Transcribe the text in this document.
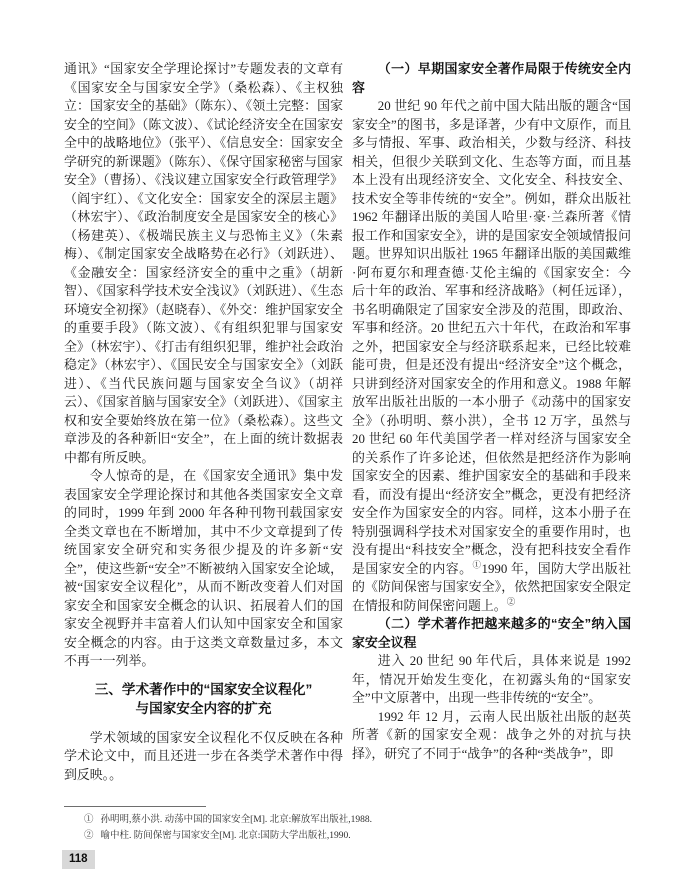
通讯》“国家安全学理论探讨”专题发表的文章有《国家安全与国家安全学》（桑松森）、《主权独立：国家安全的基础》（陈东）、《领土完整：国家安全的空间》（陈文波）、《试论经济安全在国家安全中的战略地位》（张平）、《信息安全：国家安全学研究的新课题》（陈东）、《保守国家秘密与国家安全》（曹扬）、《浅议建立国家安全行政管理学》（阎宇红）、《文化安全：国家安全的深层主题》（林宏宇）、《政治制度安全是国家安全的核心》（杨建英）、《极端民族主义与恐怖主义》（朱素梅）、《制定国家安全战略势在必行》（刘跃进）、《金融安全：国家经济安全的重中之重》（胡新智）、《国家科学技术安全浅议》（刘跃进）、《生态环境安全初探》（赵晓春）、《外交：维护国家安全的重要手段》（陈文波）、《有组织犯罪与国家安全》（林宏宇）、《打击有组织犯罪，维护社会政治稳定》（林宏宇）、《国民安全与国家安全》（刘跃进）、《当代民族问题与国家安全刍议》（胡祥云）、《国家首脑与国家安全》（刘跃进）、《国家主权和安全要始终放在第一位》（桑松森）。这些文章涉及的各种新旧“安全”，在上面的统计数据表中都有所反映。

令人惊奇的是，在《国家安全通讯》集中发表国家安全学理论探讨和其他各类国家安全文章的同时，1999 年到 2000 年各种刊物刊载国家安全类文章也在不断增加，其中不少文章提到了传统国家安全研究和实务很少提及的许多新“安全”，使这些新“安全”不断被纳入国家安全论域，被“国家安全议程化”，从而不断改变着人们对国家安全和国家安全概念的认识、拓展着人们的国家安全视野并丰富着人们认知中国家安全和国家安全概念的内容。由于这类文章数量过多，本文不再一一列举。

三、学术著作中的“国家安全议程化”
与国家安全内容的扩充

学术领域的国家安全议程化不仅反映在各种学术论文中，而且还进一步在各类学术著作中得到反映。。

（一）早期国家安全著作局限于传统安全内容

20 世纪 90 年代之前中国大陆出版的题含“国家安全”的图书，多是译著，少有中文原作，而且多与情报、军事、政治相关，少数与经济、科技相关，但很少关联到文化、生态等方面，而且基本上没有出现经济安全、文化安全、科技安全、技术安全等非传统的“安全”。例如，群众出版社 1962 年翻译出版的美国人哈里·豪·兰森所著《情报工作和国家安全》，讲的是国家安全领域情报问题。世界知识出版社 1965 年翻译出版的美国戴维·阿布夏尔和理查德·艾伦主编的《国家安全：今后十年的政治、军事和经济战略》（柯任远译），书名明确限定了国家安全涉及的范围，即政治、军事和经济。20 世纪五六十年代，在政治和军事之外，把国家安全与经济联系起来，已经比较难能可贵，但是还没有提出“经济安全”这个概念，只讲到经济对国家安全的作用和意义。1988 年解放军出版社出版的一本小册子《动荡中的国家安全》（孙明明、蔡小洪），全书 12 万字，虽然与 20 世纪 60 年代美国学者一样对经济与国家安全的关系作了许多论述，但依然是把经济作为影响国家安全的因素、维护国家安全的基础和手段来看，而没有提出“经济安全”概念，更没有把经济安全作为国家安全的内容。同样，这本小册子在特别强调科学技术对国家安全的重要作用时，也没有提出“科技安全”概念，没有把科技安全看作是国家安全的内容。①1990 年，国防大学出版社的《防间保密与国家安全》，依然把国家安全限定在情报和防间保密问题上。②

（二）学术著作把越来越多的“安全”纳入国家安全议程

进入 20 世纪 90 年代后，具体来说是 1992 年，情况开始发生变化，在初露头角的“国家安全”中文原著中，出现一些非传统的“安全”。

1992 年 12 月，云南人民出版社出版的赵英所著《新的国家安全观：战争之外的对抗与抉择》，研究了不同于“战争”的各种“类战争”，即

① 孙明明,蔡小洪. 动荡中国的国家安全[M]. 北京:解放军出版社,1988.
② 喻中柱. 防间保密与国家安全[M]. 北京:国防大学出版社,1990.
118
